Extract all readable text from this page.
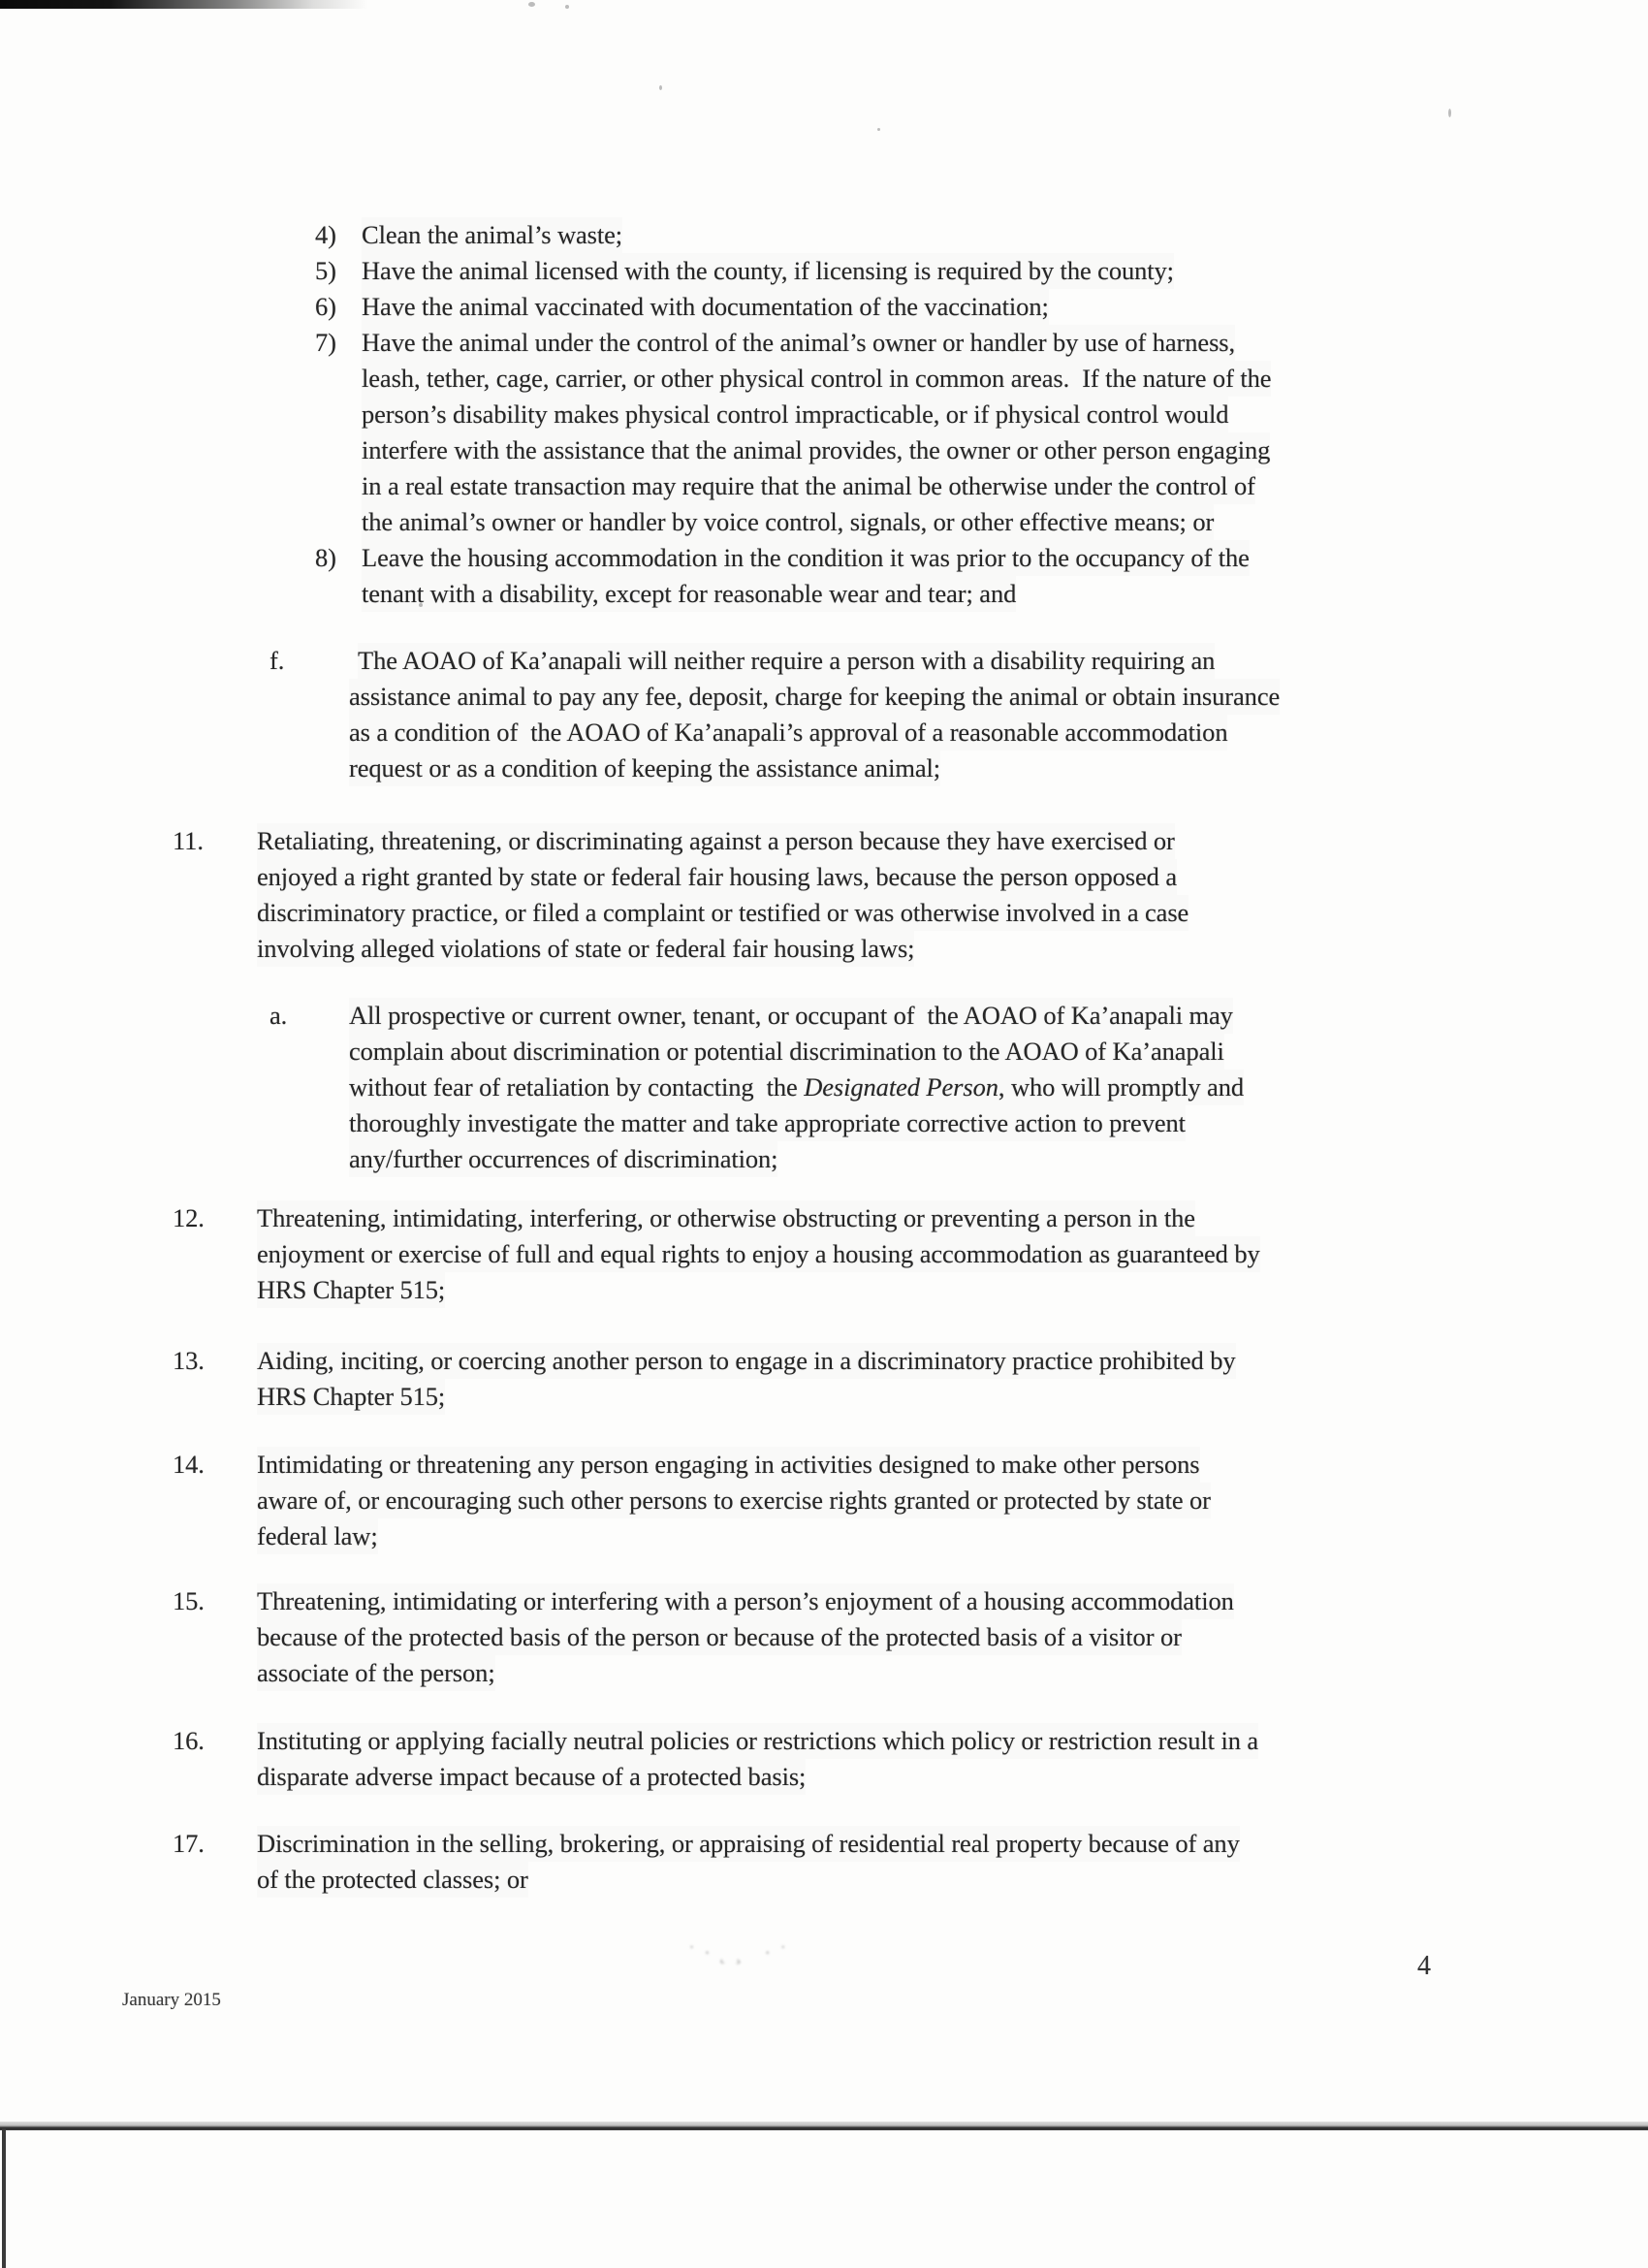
4) Clean the animal’s waste;
5) Have the animal licensed with the county, if licensing is required by the county;
6) Have the animal vaccinated with documentation of the vaccination;
7) Have the animal under the control of the animal’s owner or handler by use of harness,
leash, tether, cage, carrier, or other physical control in common areas.  If the nature of the
person’s disability makes physical control impracticable, or if physical control would
interfere with the assistance that the animal provides, the owner or other person engaging
in a real estate transaction may require that the animal be otherwise under the control of
the animal’s owner or handler by voice control, signals, or other effective means; or
8) Leave the housing accommodation in the condition it was prior to the occupancy of the
tenant with a disability, except for reasonable wear and tear; and
f.	The AOAO of Ka’anapali will neither require a person with a disability requiring an
assistance animal to pay any fee, deposit, charge for keeping the animal or obtain insurance
as a condition of  the AOAO of Ka’anapali’s approval of a reasonable accommodation
request or as a condition of keeping the assistance animal;
11.	Retaliating, threatening, or discriminating against a person because they have exercised or
enjoyed a right granted by state or federal fair housing laws, because the person opposed a
discriminatory practice, or filed a complaint or testified or was otherwise involved in a case
involving alleged violations of state or federal fair housing laws;
a.	All prospective or current owner, tenant, or occupant of  the AOAO of Ka’anapali may
complain about discrimination or potential discrimination to the AOAO of Ka’anapali
without fear of retaliation by contacting  the Designated Person, who will promptly and
thoroughly investigate the matter and take appropriate corrective action to prevent
any/further occurrences of discrimination;
12.	Threatening, intimidating, interfering, or otherwise obstructing or preventing a person in the
enjoyment or exercise of full and equal rights to enjoy a housing accommodation as guaranteed by
HRS Chapter 515;
13.	Aiding, inciting, or coercing another person to engage in a discriminatory practice prohibited by
HRS Chapter 515;
14.	Intimidating or threatening any person engaging in activities designed to make other persons
aware of, or encouraging such other persons to exercise rights granted or protected by state or
federal law;
15.	Threatening, intimidating or interfering with a person’s enjoyment of a housing accommodation
because of the protected basis of the person or because of the protected basis of a visitor or
associate of the person;
16.	Instituting or applying facially neutral policies or restrictions which policy or restriction result in a
disparate adverse impact because of a protected basis;
17.	Discrimination in the selling, brokering, or appraising of residential real property because of any
of the protected classes; or
˙·˛¸ ·˙	4
January 2015
